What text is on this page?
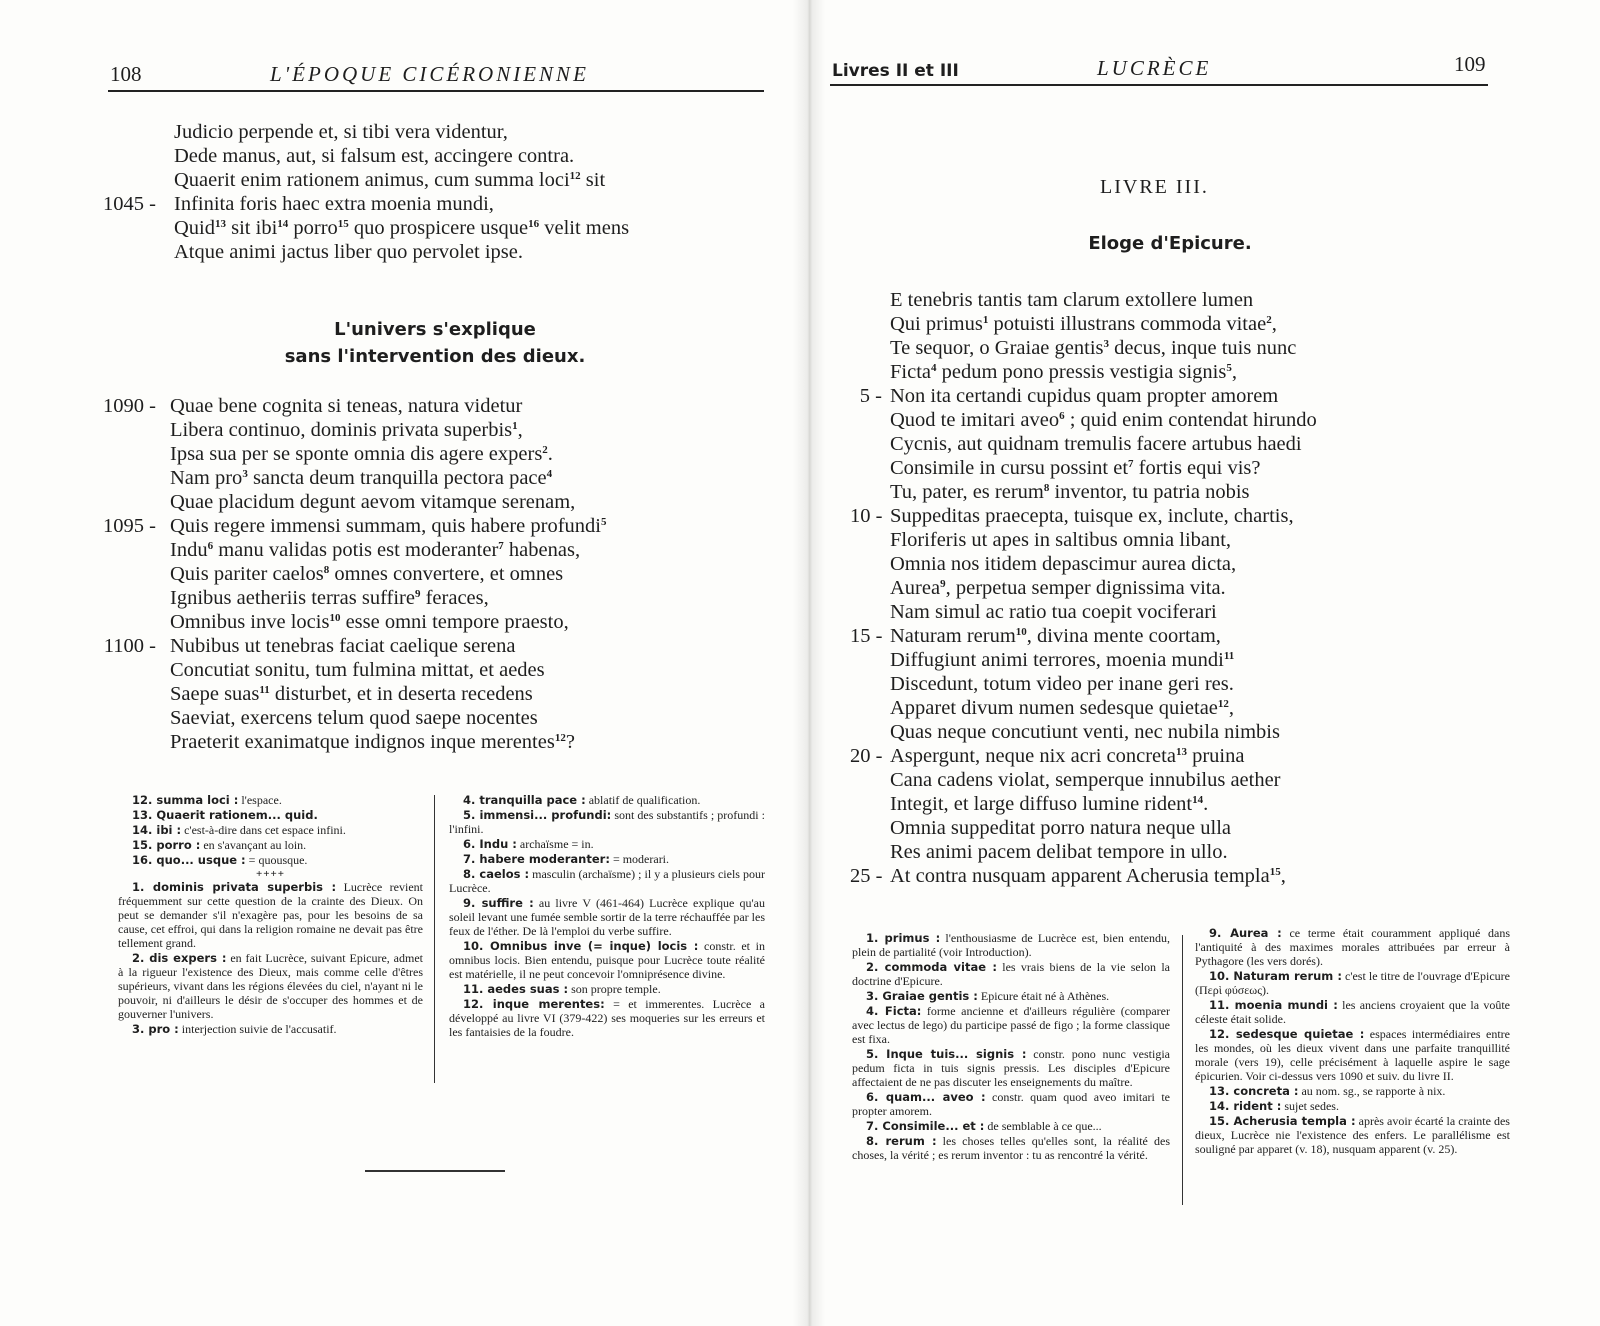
108	L'ÉPOQUE CICÉRONIENNE
Judicio perpende et, si tibi vera videntur,
Dede manus, aut, si falsum est, accingere contra.
Quaerit enim rationem animus, cum summa loci$^{12}$ sit
1045 - Infinita foris haec extra moenia mundi,
Quid$^{13}$ sit ibi$^{14}$ porro$^{15}$ quo prospicere usque$^{16}$ velit mens
Atque animi jactus liber quo pervolet ipse.
L'univers s'explique
sans l'intervention des dieux.
1090 - Quae bene cognita si teneas, natura videtur
Libera continuo, dominis privata superbis$^1$,
Ipsa sua per se sponte omnia dis agere expers$^2$.
Nam pro$^3$ sancta deum tranquilla pectora pace$^4$
Quae placidum degunt aevom vitamque serenam,
1095 - Quis regere immensi summam, quis habere profundi$^5$
Indu$^6$ manu validas potis est moderanter$^7$ habenas,
Quis pariter caelos$^8$ omnes convertere, et omnes
Ignibus aetheriis terras suffire$^9$ feraces,
Omnibus inve locis$^{10}$ esse omni tempore praesto,
1100 - Nubibus ut tenebras faciat caelique serena
Concutiat sonitu, tum fulmina mittat, et aedes
Saepe suas$^{11}$ disturbet, et in deserta recedens
Saeviat, exercens telum quod saepe nocentes
Praeterit exanimatque indignos inque merentes$^{12}$?
12. summa loci : l'espace.
13. Quaerit rationem... quid.
14. ibi : c'est-à-dire dans cet espace infini.
15. porro : en s'avançant au loin.
16. quo... usque : = quousque.
++++
1. dominis privata superbis : Lucrèce revient fréquemment sur cette question de la crainte des Dieux. On peut se demander s'il n'exagère pas, pour les besoins de sa cause, cet effroi, qui dans la religion romaine ne devait pas être tellement grand.
2. dis expers : en fait Lucrèce, suivant Epicure, admet à la rigueur l'existence des Dieux, mais comme celle d'êtres supérieurs, vivant dans les régions élevées du ciel, n'ayant ni le pouvoir, ni d'ailleurs le désir de s'occuper des hommes et de gouverner l'univers.
3. pro : interjection suivie de l'accusatif.
4. tranquilla pace : ablatif de qualification.
5. immensi... profundi: sont des substantifs ; profundi : l'infini.
6. Indu : archaïsme = in.
7. habere moderanter: = moderari.
8. caelos : masculin (archaïsme) ; il y a plusieurs ciels pour Lucrèce.
9. suffire : au livre V (461-464) Lucrèce explique qu'au soleil levant une fumée semble sortir de la terre réchauffée par les feux de l'éther. De là l'emploi du verbe suffire.
10. Omnibus inve (= inque) locis : constr. et in omnibus locis. Bien entendu, puisque pour Lucrèce toute réalité est matérielle, il ne peut concevoir l'omniprésence divine.
11. aedes suas : son propre temple.
12. inque merentes: = et immerentes. Lucrèce a développé au livre VI (379-422) ses moqueries sur les erreurs et les fantaisies de la foudre.
Livres II et III	LUCRÈCE	109
LIVRE III.
Eloge d'Epicure.
E tenebris tantis tam clarum extollere lumen
Qui primus$^1$ potuisti illustrans commoda vitae$^2$,
Te sequor, o Graiae gentis$^3$ decus, inque tuis nunc
Ficta$^4$ pedum pono pressis vestigia signis$^5$,
5 - Non ita certandi cupidus quam propter amorem
Quod te imitari aveo$^6$ ; quid enim contendat hirundo
Cycnis, aut quidnam tremulis facere artubus haedi
Consimile in cursu possint $et^7$ fortis equi vis?
Tu, pater, es rerum$^8$ inventor, tu patria nobis
10 - Suppeditas praecepta, tuisque ex, inclute, chartis,
Floriferis ut apes in saltibus omnia libant,
Omnia nos itidem depascimur aurea dicta,
Aurea$^9$, perpetua semper dignissima vita.
Nam simul ac ratio tua coepit vociferari
15 - Naturam rerum$^{10}$, divina mente coortam,
Diffugiunt animi terrores, moenia mundi$^{11}$
Discedunt, totum video per inane geri res.
Apparet divum numen sedesque quietae$^{12}$,
Quas neque concutiunt venti, nec nubila nimbis
20 - Aspergunt, neque nix acri concreta$^{13}$ pruina
Cana cadens violat, semperque innubilus aether
Integit, et large diffuso lumine rident$^{14}$.
Omnia suppeditat porro natura neque ulla
Res animi pacem delibat tempore in ullo.
25 - At contra nusquam apparent Acherusia templa$^{15}$,
1. primus : l'enthousiasme de Lucrèce est, bien entendu, plein de partialité (voir Introduction).
2. commoda vitae : les vrais biens de la vie selon la doctrine d'Epicure.
3. Graiae gentis : Epicure était né à Athènes.
4. Ficta: forme ancienne et d'ailleurs régulière (comparer avec lectus de lego) du participe passé de figo ; la forme classique est fixa.
5. Inque tuis... signis : constr. pono nunc vestigia pedum ficta in tuis signis pressis. Les disciples d'Epicure affectaient de ne pas discuter les enseignements du maître.
6. quam... aveo : constr. quam quod aveo imitari te propter amorem.
7. Consimile... et : de semblable à ce que...
8. rerum : les choses telles qu'elles sont, la réalité des choses, la vérité ; es rerum inventor : tu as rencontré la vérité.
9. Aurea : ce terme était couramment appliqué dans l'antiquité à des maximes morales attribuées par erreur à Pythagore (les vers dorés).
10. Naturam rerum : c'est le titre de l'ouvrage d'Epicure (Περὶ φύσεως).
11. moenia mundi : les anciens croyaient que la voûte céleste était solide.
12. sedesque quietae : espaces intermédiaires entre les mondes, où les dieux vivent dans une parfaite tranquillité morale (vers 19), celle précisément à laquelle aspire le sage épicurien. Voir ci-dessus vers 1090 et suiv. du livre II.
13. concreta : au nom. sg., se rapporte à nix.
14. rident : sujet sedes.
15. Acherusia templa : après avoir écarté la crainte des dieux, Lucrèce nie l'existence des enfers. Le parallélisme est souligné par apparet (v. 18), nusquam apparent (v. 25).
